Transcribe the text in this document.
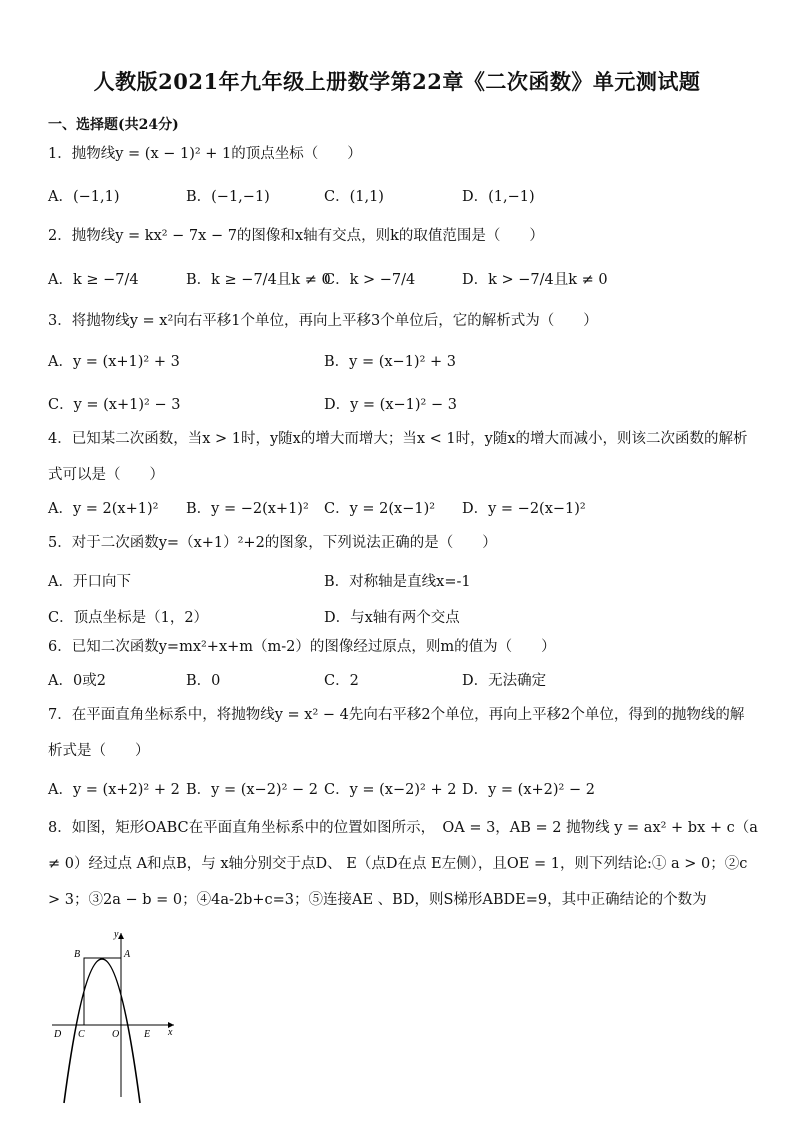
人教版2021年九年级上册数学第22章《二次函数》单元测试题
一、选择题(共24分)
1．抛物线y = (x − 1)² + 1的顶点坐标（　　）
A．(−1,1)	B．(−1,−1)	C．(1,1)	D．(1,−1)
2．抛物线y = kx² − 7x − 7的图像和x轴有交点，则k的取值范围是（　　）
A．k ≥ −7/4	B．k ≥ −7/4且k ≠ 0
C．k > −7/4	D．k > −7/4且k ≠ 0
3．将抛物线y = x²向右平移1个单位，再向上平移3个单位后，它的解析式为（　　）
A．y = (x+1)² + 3	B．y = (x−1)² + 3
C．y = (x+1)² − 3	D．y = (x−1)² − 3
4．已知某二次函数，当x > 1时，y随x的增大而增大；当x < 1时，y随x的增大而减小，则该二次函数的解析式可以是（　　）
A．y = 2(x+1)² B．y = −2(x+1)² C．y = 2(x−1)² D．y = −2(x−1)²
5．对于二次函数y=（x+1）²+2的图象，下列说法正确的是（　　）
A．开口向下	B．对称轴是直线x=-1
C．顶点坐标是（1，2）	D．与x轴有两个交点
6．已知二次函数y=mx²+x+m（m-2）的图像经过原点，则m的值为（　　）
A．0或2	B．0	C．2	D．无法确定
7．在平面直角坐标系中，将抛物线y = x² − 4先向右平移2个单位，再向上平移2个单位，得到的抛物线的解析式是（　　）
A．y = (x+2)² + 2 B．y = (x−2)² − 2 C．y = (x−2)² + 2 D．y = (x+2)² − 2
8．如图，矩形OABC在平面直角坐标系中的位置如图所示，　OA = 3，AB = 2 抛物线 y = ax² + bx + c（a ≠ 0）经过点 A和点B，与 x轴分别交于点D、 E（点D在点 E左侧），且OE = 1，则下列结论:① a > 0；②c > 3；③2a − b = 0；④4a-2b+c=3；⑤连接AE 、BD，则S梯形ABDE=9，其中正确结论的个数为
B	A
y
D C	O E x
